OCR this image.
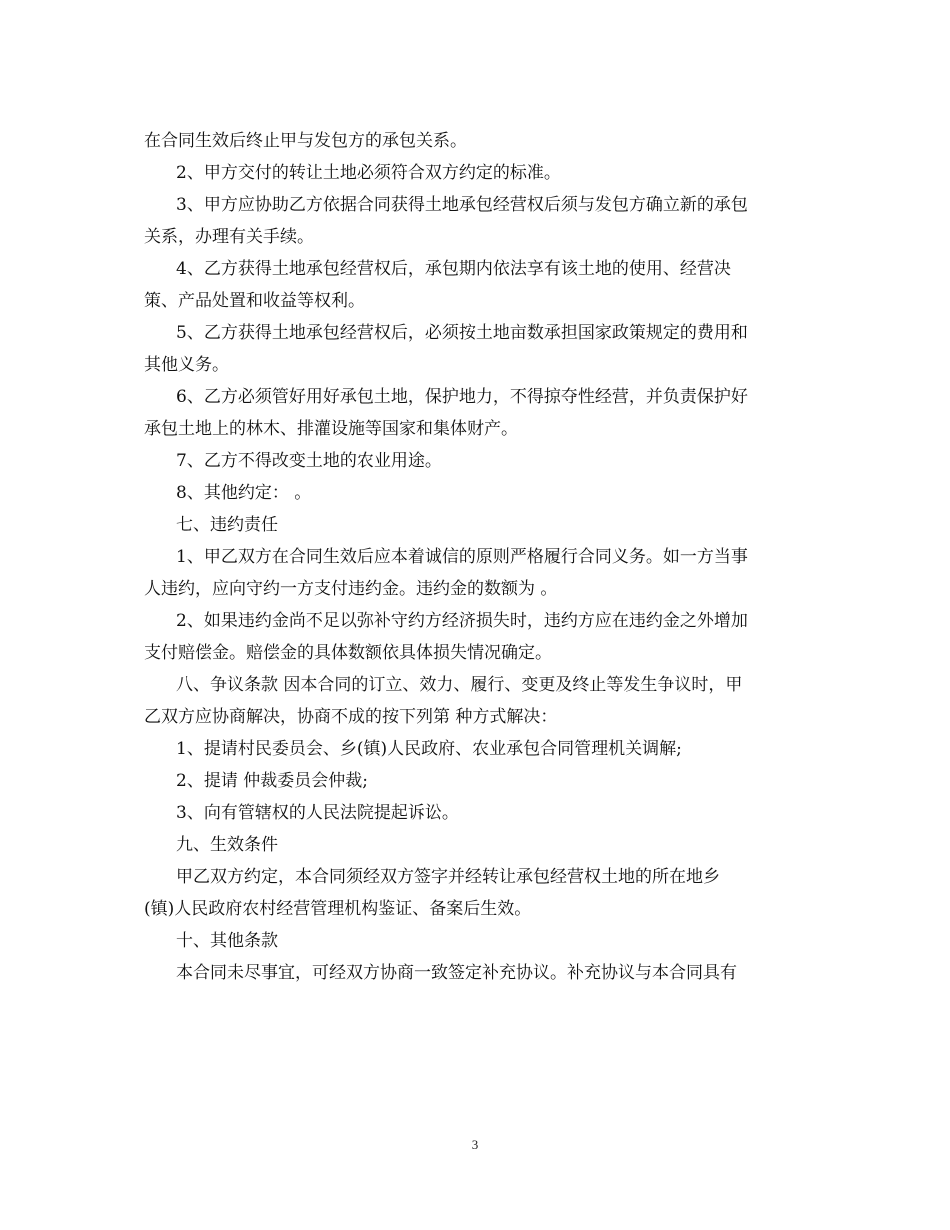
在合同生效后终止甲与发包方的承包关系。
2、甲方交付的转让土地必须符合双方约定的标准。
3、甲方应协助乙方依据合同获得土地承包经营权后须与发包方确立新的承包
关系，办理有关手续。
4、乙方获得土地承包经营权后，承包期内依法享有该土地的使用、经营决
策、产品处置和收益等权利。
5、乙方获得土地承包经营权后，必须按土地亩数承担国家政策规定的费用和
其他义务。
6、乙方必须管好用好承包土地，保护地力，不得掠夺性经营，并负责保护好
承包土地上的林木、排灌设施等国家和集体财产。
7、乙方不得改变土地的农业用途。
8、其他约定： 。
七、违约责任
1、甲乙双方在合同生效后应本着诚信的原则严格履行合同义务。如一方当事
人违约，应向守约一方支付违约金。违约金的数额为 。
2、如果违约金尚不足以弥补守约方经济损失时，违约方应在违约金之外增加
支付赔偿金。赔偿金的具体数额依具体损失情况确定。
八、争议条款 因本合同的订立、效力、履行、变更及终止等发生争议时，甲
乙双方应协商解决，协商不成的按下列第 种方式解决：
1、提请村民委员会、乡(镇)人民政府、农业承包合同管理机关调解;
2、提请 仲裁委员会仲裁;
3、向有管辖权的人民法院提起诉讼。
九、生效条件
甲乙双方约定，本合同须经双方签字并经转让承包经营权土地的所在地乡
(镇)人民政府农村经营管理机构鉴证、备案后生效。
十、其他条款
本合同未尽事宜，可经双方协商一致签定补充协议。补充协议与本合同具有
3
